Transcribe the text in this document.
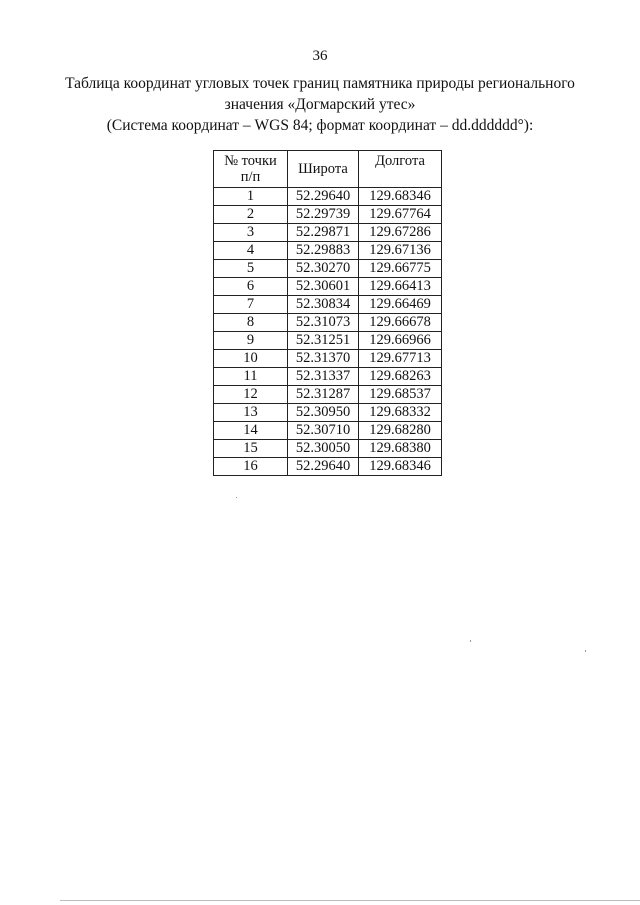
36
Таблица координат угловых точек границ памятника природы регионального
значения «Догмарский утес»
(Система координат – WGS 84; формат координат – dd.dddddd°):
№ точки
п/п	Широта	Долгота
1	52.29640	129.68346
2	52.29739	129.67764
3	52.29871	129.67286
4	52.29883	129.67136
5	52.30270	129.66775
6	52.30601	129.66413
7	52.30834	129.66469
8	52.31073	129.66678
9	52.31251	129.66966
10	52.31370	129.67713
11	52.31337	129.68263
12	52.31287	129.68537
13	52.30950	129.68332
14	52.30710	129.68280
15	52.30050	129.68380
16	52.29640	129.68346
